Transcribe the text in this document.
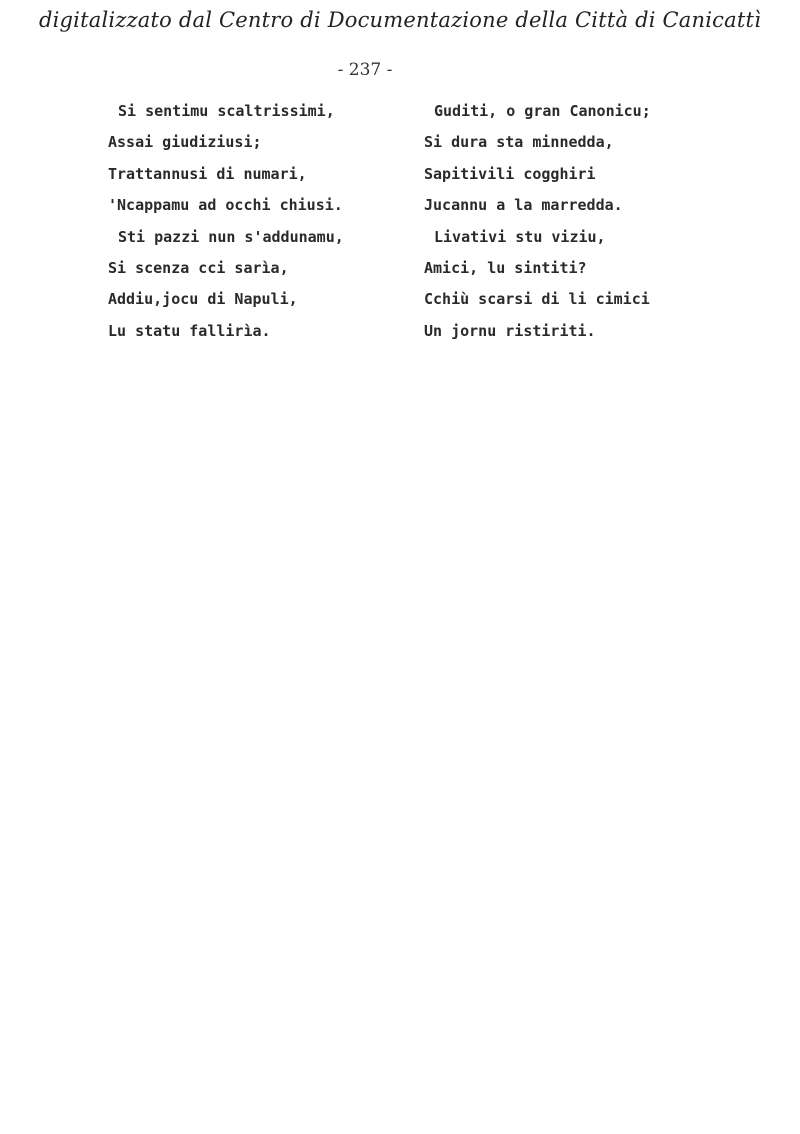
digitalizzato dal Centro di Documentazione della Città di Canicattì
- 237 -
Si sentimu scaltrissimi,
Assai giudiziusi;
Trattannusi di numari,
'Ncappamu ad occhi chiusi.
Sti pazzi nun s'addunamu,
Si scenza cci sarìa,
Addiu,jocu di Napuli,
Lu statu fallirìa.
Guditi, o gran Canonicu;
Si dura sta minnedda,
Sapitivili cogghiri
Jucannu a la marredda.
Livativi stu viziu,
Amici, lu sintiti?
Cchiù scarsi di li cimici
Un jornu ristiriti.
